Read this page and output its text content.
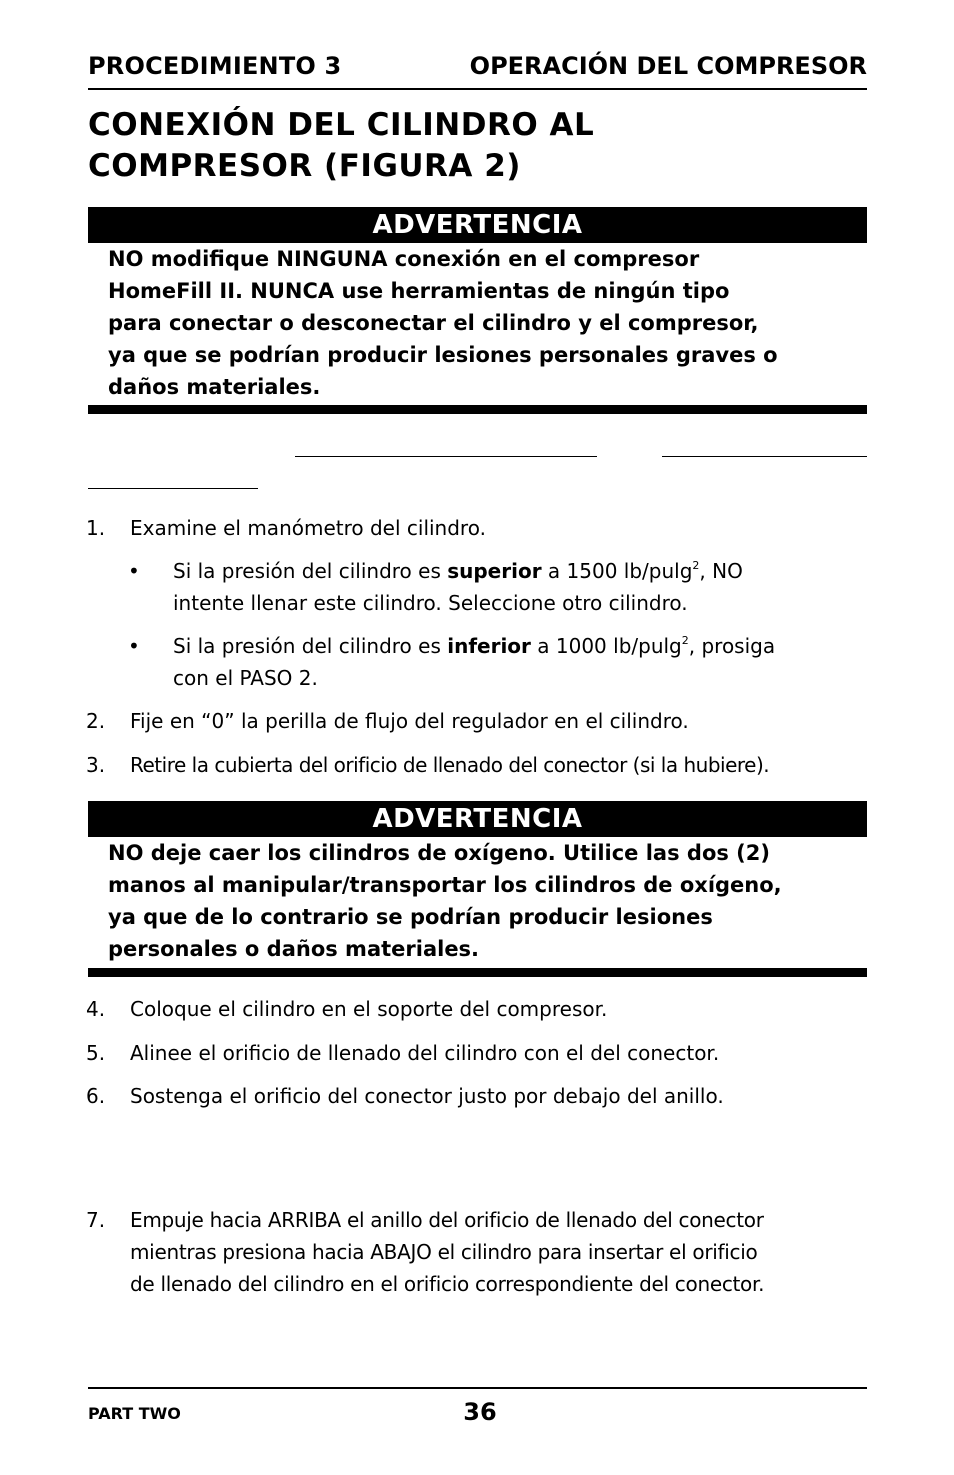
PROCEDIMIENTO 3	OPERACIÓN DEL COMPRESOR
CONEXIÓN DEL CILINDRO AL
COMPRESOR (FIGURA 2)
ADVERTENCIA
NO modifique NINGUNA conexión en el compresor
HomeFill II. NUNCA use herramientas de ningún tipo
para conectar o desconectar el cilindro y el compresor,
ya que se podrían producir lesiones personales graves o
daños materiales.
1. Examine el manómetro del cilindro.
• Si la presión del cilindro es superior a 1500 lb/pulg$^2$, NO
intente llenar este cilindro. Seleccione otro cilindro.
• Si la presión del cilindro es inferior a 1000 lb/pulg$^2$, prosiga
con el PASO 2.
2. Fije en “0” la perilla de flujo del regulador en el cilindro.
3. Retire la cubierta del orificio de llenado del conector (si la hubiere).
ADVERTENCIA
NO deje caer los cilindros de oxígeno. Utilice las dos (2)
manos al manipular/transportar los cilindros de oxígeno,
ya que de lo contrario se podrían producir lesiones
personales o daños materiales.
4. Coloque el cilindro en el soporte del compresor.
5. Alinee el orificio de llenado del cilindro con el del conector.
6. Sostenga el orificio del conector justo por debajo del anillo.
7. Empuje hacia ARRIBA el anillo del orificio de llenado del conector
mientras presiona hacia ABAJO el cilindro para insertar el orificio
de llenado del cilindro en el orificio correspondiente del conector.
PART TWO	36
